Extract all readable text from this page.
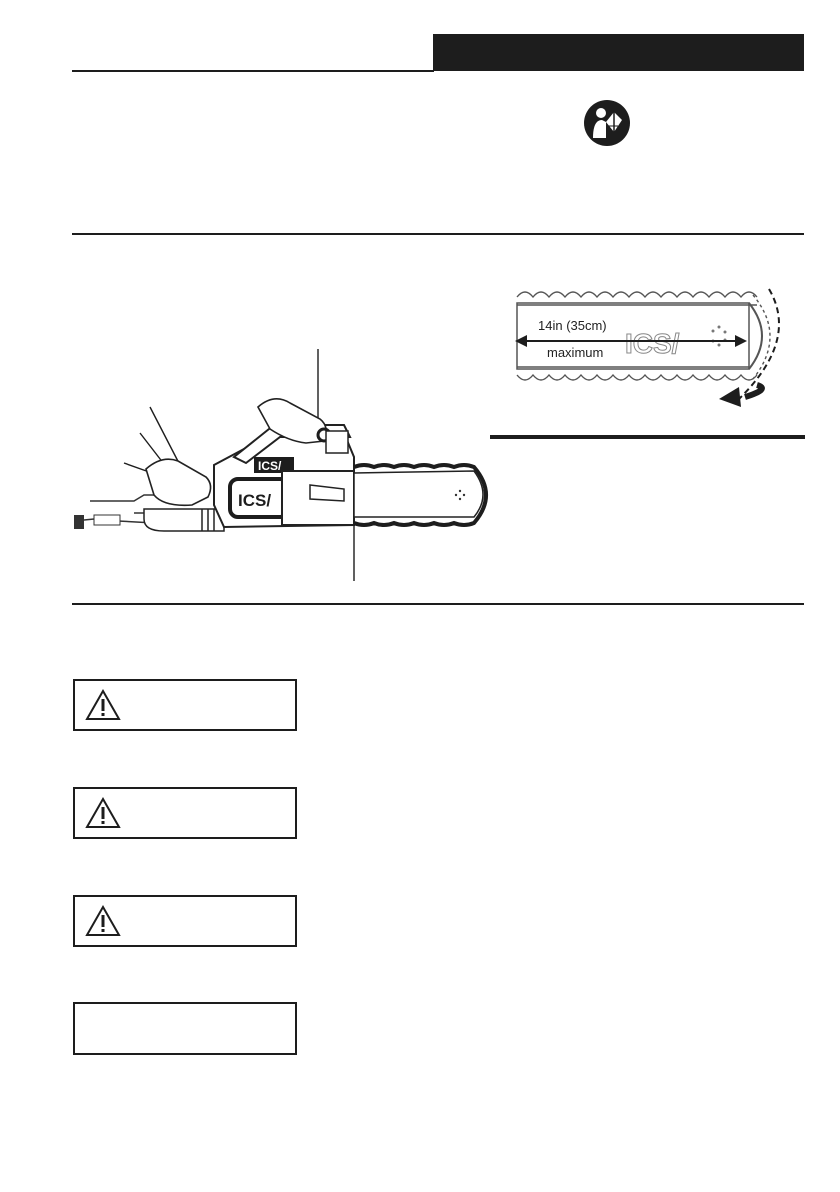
ICS/
14in (35cm)
maximum
ICS/
ICS/
